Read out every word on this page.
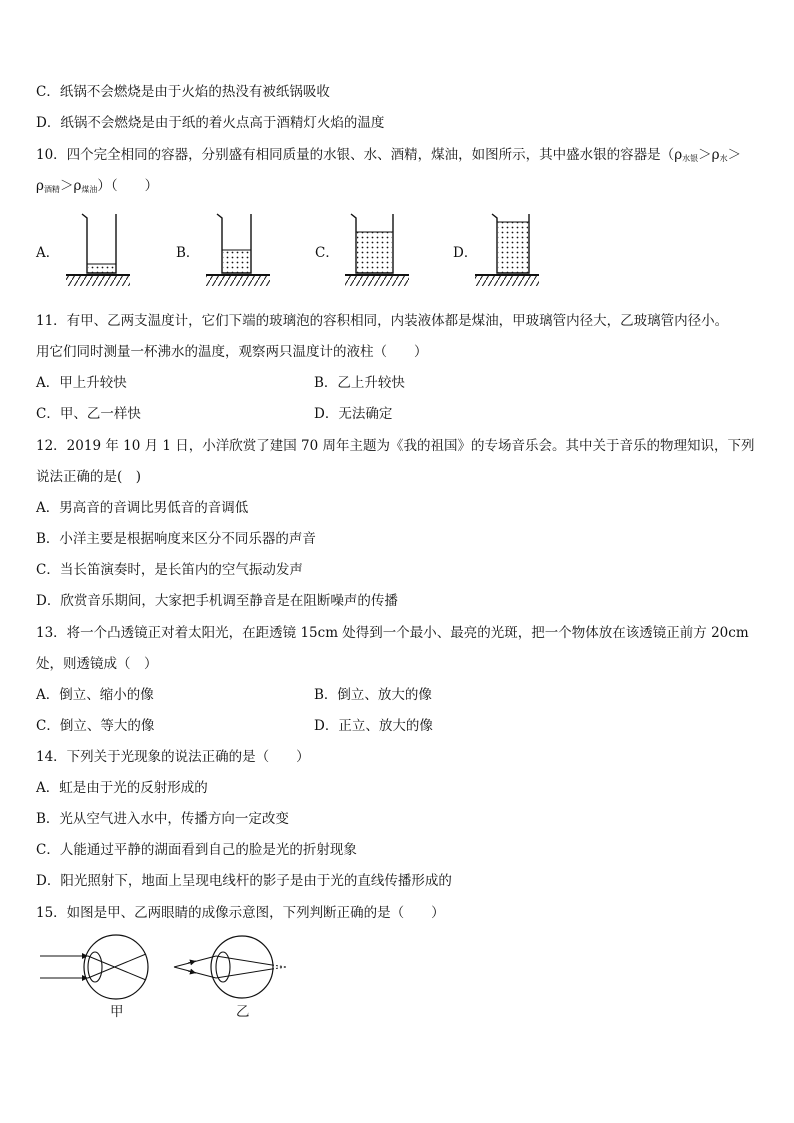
C．纸锅不会燃烧是由于火焰的热没有被纸锅吸收
D．纸锅不会燃烧是由于纸的着火点高于酒精灯火焰的温度
10．四个完全相同的容器，分别盛有相同质量的水银、水、酒精，煤油，如图所示，其中盛水银的容器是（$\rho_{水银}>\rho_水>$
$\rho_{酒精}>\rho_{煤油}$）（　　）
A．	B．	C．	D．
11．有甲、乙两支温度计，它们下端的玻璃泡的容积相同，内装液体都是煤油，甲玻璃管内径大，乙玻璃管内径小。
用它们同时测量一杯沸水的温度，观察两只温度计的液柱（　　）
A．甲上升较快	B．乙上升较快
C．甲、乙一样快	D．无法确定
12．2019 年 10 月 1 日，小洋欣赏了建国 70 周年主题为《我的祖国》的专场音乐会。其中关于音乐的物理知识，下列
说法正确的是(　)
A．男高音的音调比男低音的音调低
B．小洋主要是根据响度来区分不同乐器的声音
C．当长笛演奏时，是长笛内的空气振动发声
D．欣赏音乐期间，大家把手机调至静音是在阻断噪声的传播
13．将一个凸透镜正对着太阳光，在距透镜 15cm 处得到一个最小、最亮的光斑，把一个物体放在该透镜正前方 20cm
处，则透镜成（　）
A．倒立、缩小的像	B．倒立、放大的像
C．倒立、等大的像	D．正立、放大的像
14．下列关于光现象的说法正确的是（　　）
A．虹是由于光的反射形成的
B．光从空气进入水中，传播方向一定改变
C．人能通过平静的湖面看到自己的脸是光的折射现象
D．阳光照射下，地面上呈现电线杆的影子是由于光的直线传播形成的
15．如图是甲、乙两眼睛的成像示意图，下列判断正确的是（　　）
甲	乙
